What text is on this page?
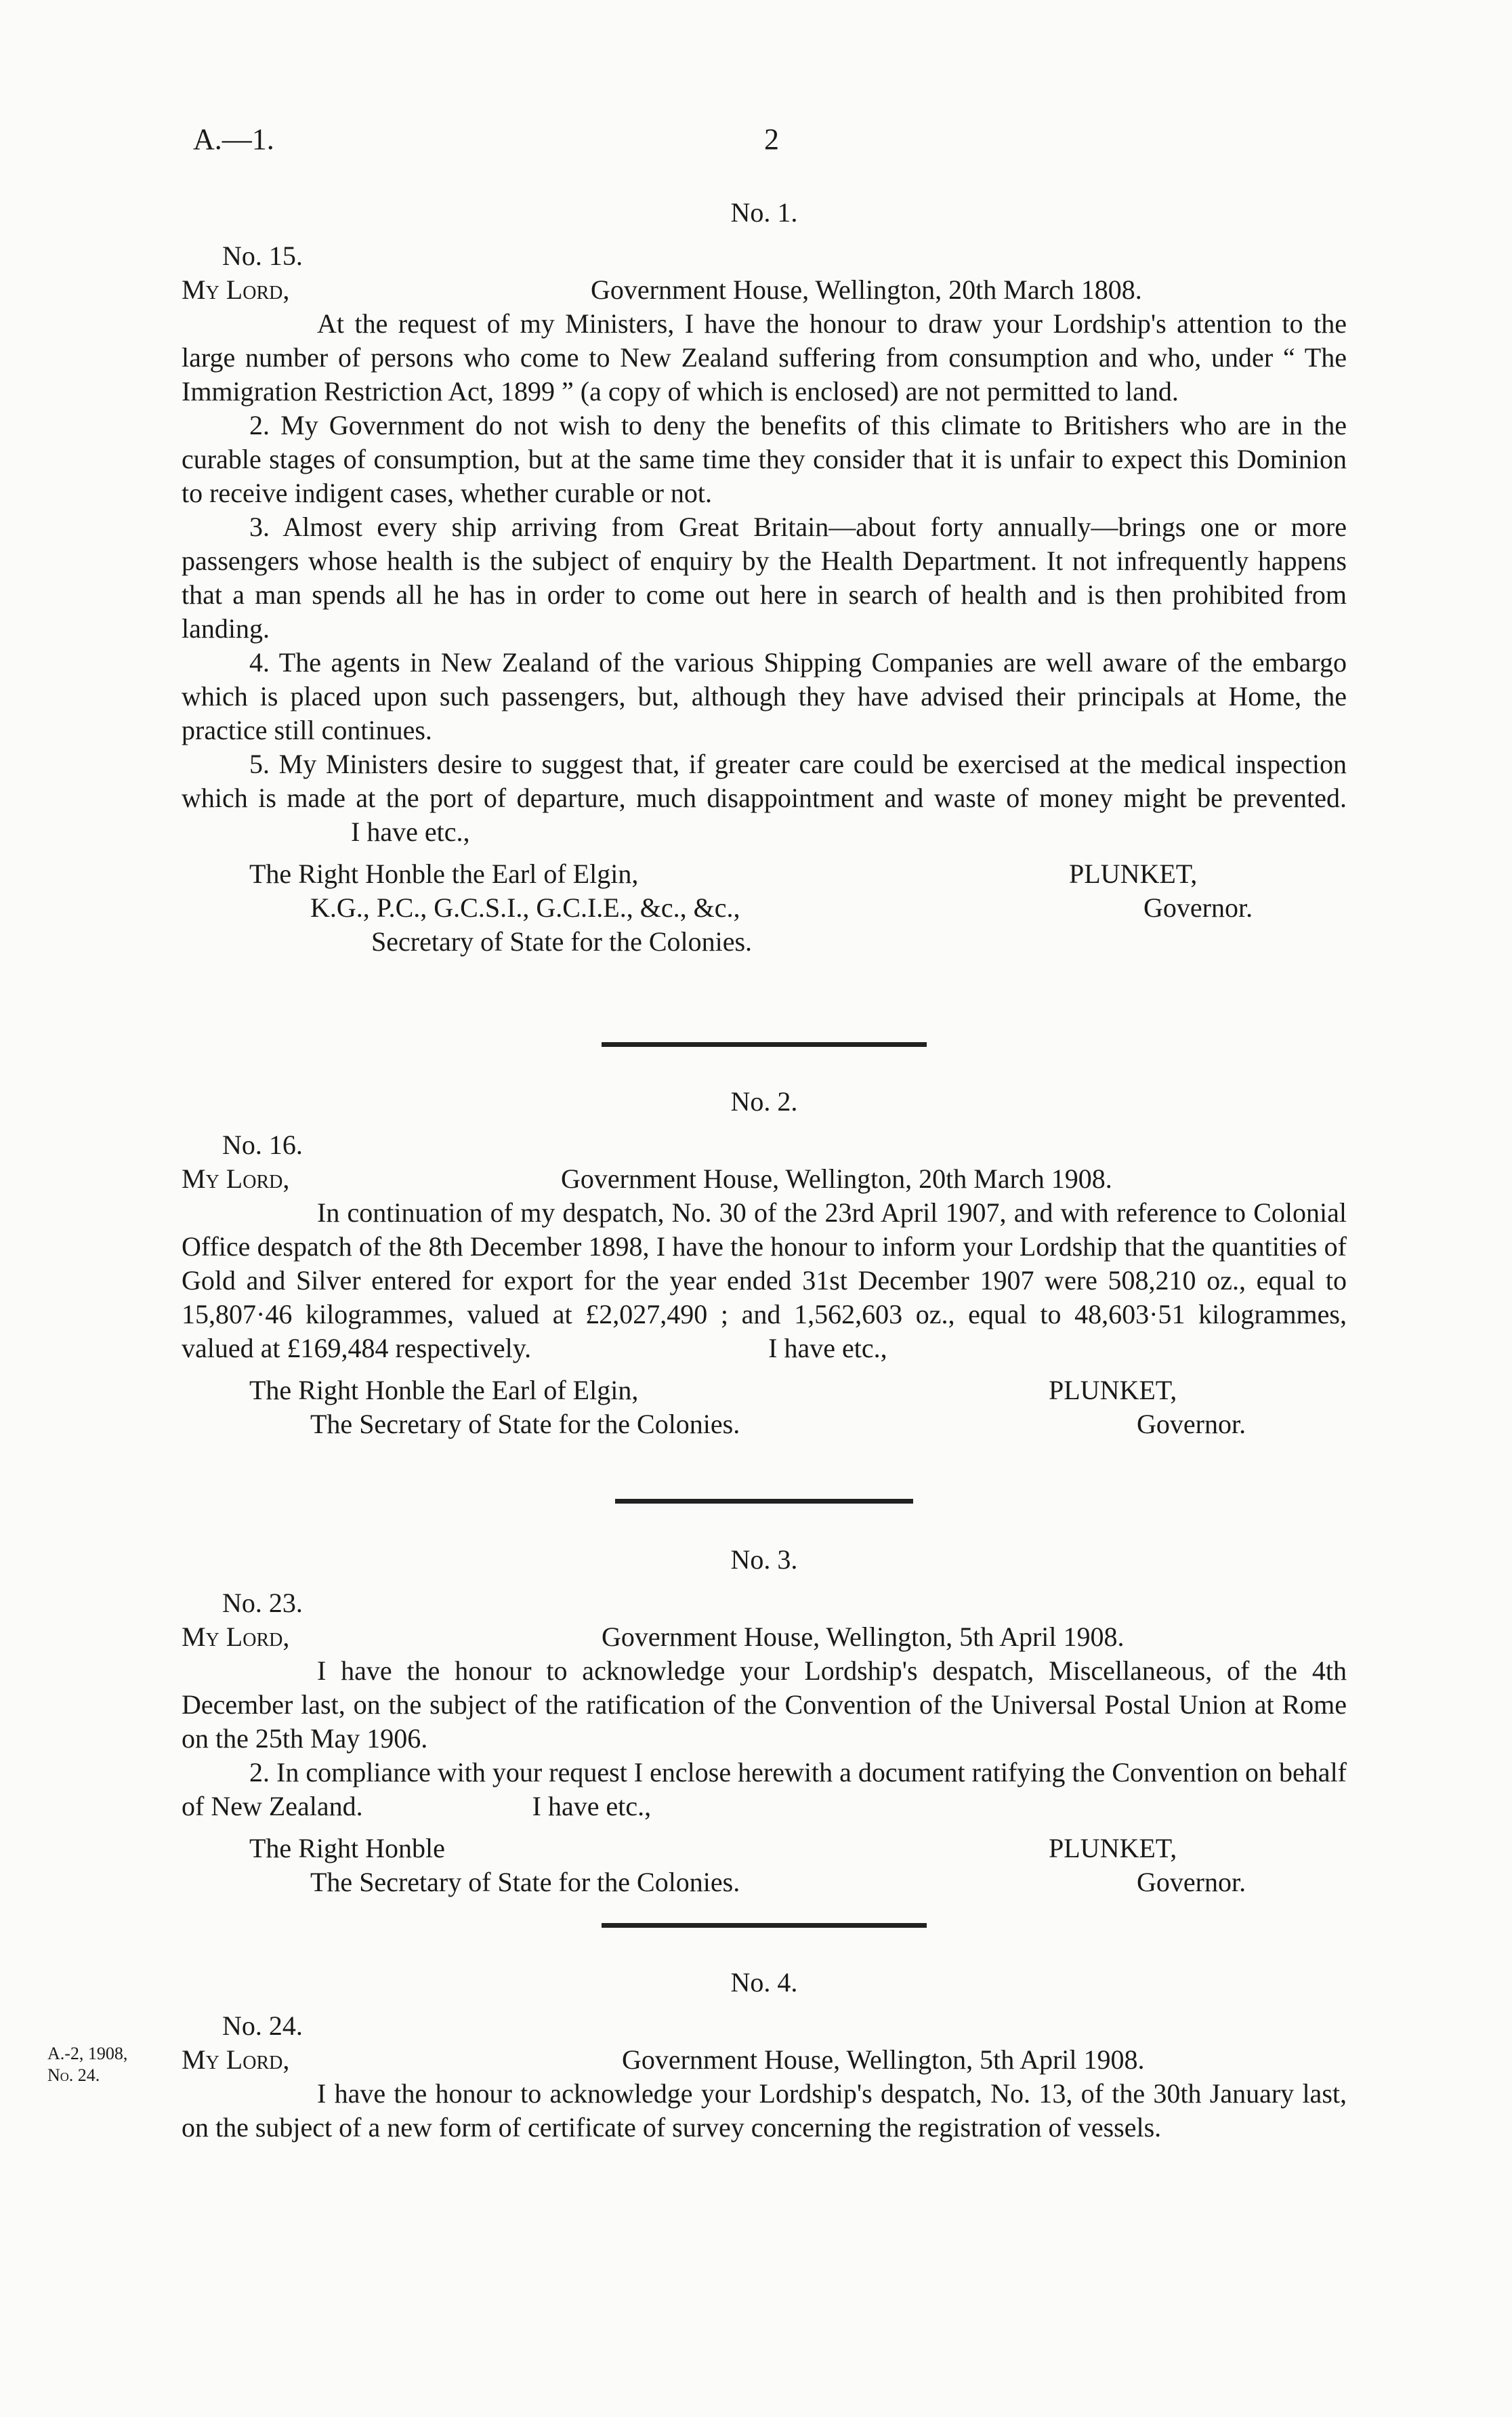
A.—1.	2

No. 1.

No. 15.

My Lord,	Government House, Wellington, 20th March 1808.

At the request of my Ministers, I have the honour to draw your Lordship's attention to the large number of persons who come to New Zealand suffering from consumption and who, under “ The Immigration Restriction Act, 1899 ” (a copy of which is enclosed) are not permitted to land.

2. My Government do not wish to deny the benefits of this climate to Britishers who are in the curable stages of consumption, but at the same time they consider that it is unfair to expect this Dominion to receive indigent cases, whether curable or not.

3. Almost every ship arriving from Great Britain—about forty annually—brings one or more passengers whose health is the subject of enquiry by the Health Department. It not infrequently happens that a man spends all he has in order to come out here in search of health and is then prohibited from landing.

4. The agents in New Zealand of the various Shipping Companies are well aware of the embargo which is placed upon such passengers, but, although they have advised their principals at Home, the practice still continues.

5. My Ministers desire to suggest that, if greater care could be exercised at the medical inspection which is made at the port of departure, much disappointment and waste of money might be prevented.I have etc.,

The Right Honble the Earl of Elgin,	PLUNKET,
K.G., P.C., G.C.S.I., G.C.I.E., &c., &c.,	Governor.
Secretary of State for the Colonies.

No. 2.

No. 16.

My Lord,	Government House, Wellington, 20th March 1908.

In continuation of my despatch, No. 30 of the 23rd April 1907, and with reference to Colonial Office despatch of the 8th December 1898, I have the honour to inform your Lordship that the quantities of Gold and Silver entered for export for the year ended 31st December 1907 were 508,210 oz., equal to 15,807·46 kilogrammes, valued at £2,027,490 ; and 1,562,603 oz., equal to 48,603·51 kilogrammes, valued at £169,484 respectively.	I have etc.,

The Right Honble the Earl of Elgin,	PLUNKET,
The Secretary of State for the Colonies.	Governor.

No. 3.

No. 23.

My Lord,	Government House, Wellington, 5th April 1908.

I have the honour to acknowledge your Lordship's despatch, Miscellaneous, of the 4th December last, on the subject of the ratification of the Convention of the Universal Postal Union at Rome on the 25th May 1906.

2. In compliance with your request I enclose herewith a document ratifying the Convention on behalf of New Zealand.	I have etc.,

The Right Honble	PLUNKET,
The Secretary of State for the Colonies.	Governor.

No. 4.

No. 24.

My Lord,	Government House, Wellington, 5th April 1908.

I have the honour to acknowledge your Lordship's despatch, No. 13, of the 30th January last, on the subject of a new form of certificate of survey concerning the registration of vessels.

A.-2, 1908,
No. 24.
